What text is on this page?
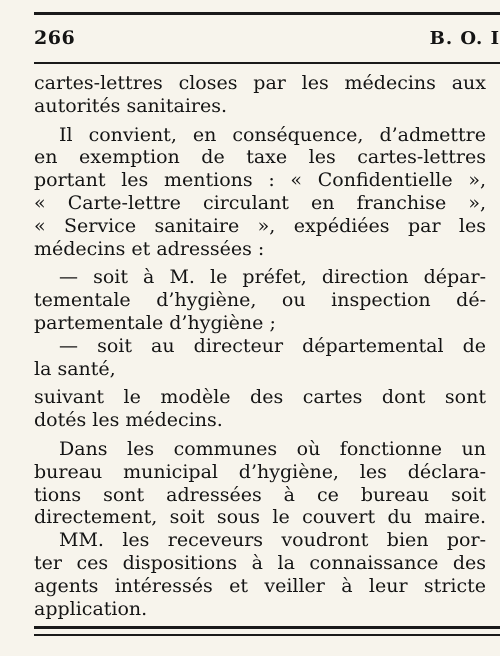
266	B. O. I
cartes-lettres closes par les médecins aux
autorités sanitaires.
Il convient, en conséquence, d’admettre
en exemption de taxe les cartes-lettres
portant les mentions : « Confidentielle »,
« Carte-lettre circulant en franchise »,
« Service sanitaire », expédiées par les
médecins et adressées :
— soit à M. le préfet, direction dépar-
tementale d’hygiène, ou inspection dé-
partementale d’hygiène ;
— soit au directeur départemental de
la santé,
suivant le modèle des cartes dont sont
dotés les médecins.
Dans les communes où fonctionne un
bureau municipal d’hygiène, les déclara-
tions sont adressées à ce bureau soit
directement, soit sous le couvert du maire.
MM. les receveurs voudront bien por-
ter ces dispositions à la connaissance des
agents intéressés et veiller à leur stricte
application.
